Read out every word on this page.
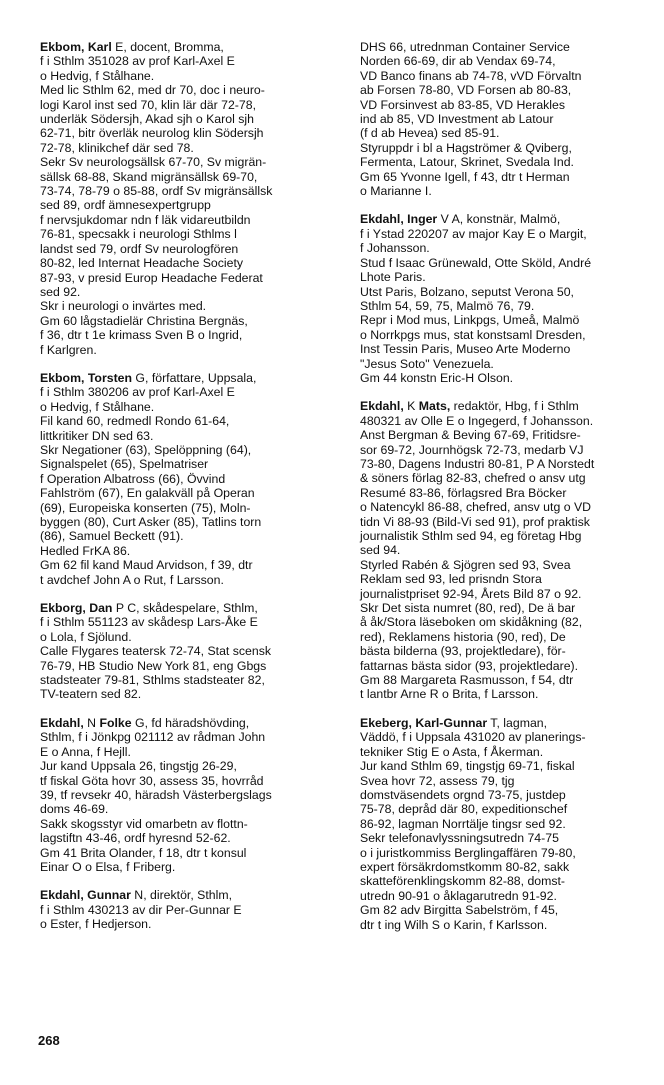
Ekbom, Karl E, docent, Bromma,
f i Sthlm 351028 av prof Karl-Axel E
o Hedvig, f Stålhane.
Med lic Sthlm 62, med dr 70, doc i neuro-
logi Karol inst sed 70, klin lär där 72-78,
underläk Södersjh, Akad sjh o Karol sjh
62-71, bitr överläk neurolog klin Södersjh
72-78, klinikchef där sed 78.
Sekr Sv neurologsällsk 67-70, Sv migrän-
sällsk 68-88, Skand migränsällsk 69-70,
73-74, 78-79 o 85-88, ordf Sv migränsällsk
sed 89, ordf ämnesexpertgrupp
f nervsjukdomar ndn f läk vidareutbildn
76-81, specsakk i neurologi Sthlms l
landst sed 79, ordf Sv neurologfören
80-82, led Internat Headache Society
87-93, v presid Europ Headache Federat
sed 92.
Skr i neurologi o invärtes med.
Gm 60 lågstadielär Christina Bergnäs,
f 36, dtr t 1e krimass Sven B o Ingrid,
f Karlgren.
Ekbom, Torsten G, författare, Uppsala,
f i Sthlm 380206 av prof Karl-Axel E
o Hedvig, f Stålhane.
Fil kand 60, redmedl Rondo 61-64,
littkritiker DN sed 63.
Skr Negationer (63), Spelöppning (64),
Signalspelet (65), Spelmatriser
f Operation Albatross (66), Övvind
Fahlström (67), En galakväll på Operan
(69), Europeiska konserten (75), Moln-
byggen (80), Curt Asker (85), Tatlins torn
(86), Samuel Beckett (91).
Hedled FrKA 86.
Gm 62 fil kand Maud Arvidson, f 39, dtr
t avdchef John A o Rut, f Larsson.
Ekborg, Dan P C, skådespelare, Sthlm,
f i Sthlm 551123 av skådesp Lars-Åke E
o Lola, f Sjölund.
Calle Flygares teatersk 72-74, Stat scensk
76-79, HB Studio New York 81, eng Gbgs
stadsteater 79-81, Sthlms stadsteater 82,
TV-teatern sed 82.
Ekdahl, N Folke G, fd häradshövding,
Sthlm, f i Jönkpg 021112 av rådman John
E o Anna, f Hejll.
Jur kand Uppsala 26, tingstjg 26-29,
tf fiskal Göta hovr 30, assess 35, hovrråd
39, tf revsekr 40, häradsh Västerbergslags
doms 46-69.
Sakk skogsstyr vid omarbetn av flottn-
lagstiftn 43-46, ordf hyresnd 52-62.
Gm 41 Brita Olander, f 18, dtr t konsul
Einar O o Elsa, f Friberg.
Ekdahl, Gunnar N, direktör, Sthlm,
f i Sthlm 430213 av dir Per-Gunnar E
o Ester, f Hedjerson.
DHS 66, utrednman Container Service
Norden 66-69, dir ab Vendax 69-74,
VD Banco finans ab 74-78, vVD Förvaltn
ab Forsen 78-80, VD Forsen ab 80-83,
VD Forsinvest ab 83-85, VD Herakles
ind ab 85, VD Investment ab Latour
(f d ab Hevea) sed 85-91.
Styruppdr i bl a Hagströmer & Qviberg,
Fermenta, Latour, Skrinet, Svedala Ind.
Gm 65 Yvonne Igell, f 43, dtr t Herman
o Marianne I.
Ekdahl, Inger V A, konstnär, Malmö,
f i Ystad 220207 av major Kay E o Margit,
f Johansson.
Stud f Isaac Grünewald, Otte Sköld, André
Lhote Paris.
Utst Paris, Bolzano, seputst Verona 50,
Sthlm 54, 59, 75, Malmö 76, 79.
Repr i Mod mus, Linkpgs, Umeå, Malmö
o Norrkpgs mus, stat konstsaml Dresden,
Inst Tessin Paris, Museo Arte Moderno
"Jesus Soto" Venezuela.
Gm 44 konstn Eric-H Olson.
Ekdahl, K Mats, redaktör, Hbg, f i Sthlm
480321 av Olle E o Ingegerd, f Johansson.
Anst Bergman & Beving 67-69, Fritidsre-
sor 69-72, Journhögsk 72-73, medarb VJ
73-80, Dagens Industri 80-81, P A Norstedt
& söners förlag 82-83, chefred o ansv utg
Resumé 83-86, förlagsred Bra Böcker
o Natencykl 86-88, chefred, ansv utg o VD
tidn Vi 88-93 (Bild-Vi sed 91), prof praktisk
journalistik Sthlm sed 94, eg företag Hbg
sed 94.
Styrled Rabén & Sjögren sed 93, Svea
Reklam sed 93, led prisndn Stora
journalistpriset 92-94, Årets Bild 87 o 92.
Skr Det sista numret (80, red), De ä bar
å åk/Stora läseboken om skidåkning (82,
red), Reklamens historia (90, red), De
bästa bilderna (93, projektledare), för-
fattarnas bästa sidor (93, projektledare).
Gm 88 Margareta Rasmusson, f 54, dtr
t lantbr Arne R o Brita, f Larsson.
Ekeberg, Karl-Gunnar T, lagman,
Väddö, f i Uppsala 431020 av planerings-
tekniker Stig E o Asta, f Åkerman.
Jur kand Sthlm 69, tingstjg 69-71, fiskal
Svea hovr 72, assess 79, tjg
domstväsendets orgnd 73-75, justdep
75-78, depråd där 80, expeditionschef
86-92, lagman Norrtälje tingsr sed 92.
Sekr telefonavlyssningsutredn 74-75
o i juristkommiss Berglingaffären 79-80,
expert försäkrdomstkomm 80-82, sakk
skatteförenklingskomm 82-88, domst-
utredn 90-91 o åklagarutredn 91-92.
Gm 82 adv Birgitta Sabelström, f 45,
dtr t ing Wilh S o Karin, f Karlsson.
268
